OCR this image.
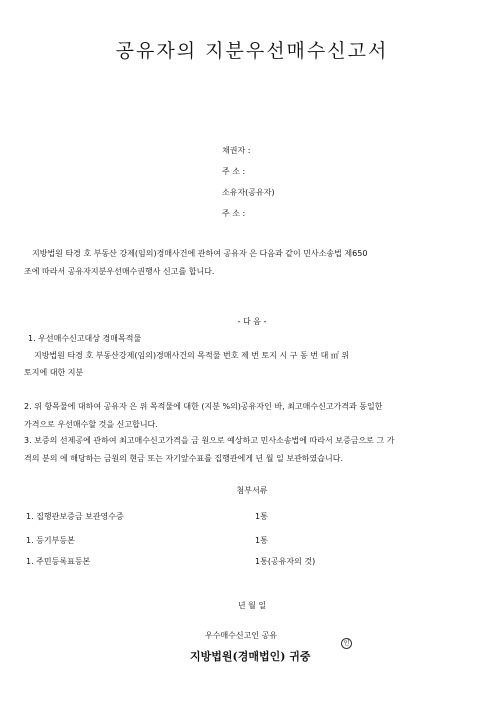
공유자의 지분우선매수신고서
채권자 :
주 소 :
소유자(공유자)
주 소 :
지방법원 타경 호 부동산 강제(임의)경매사건에 관하여 공유자 은 다음과 같이 민사소송법 제650
조에 따라서 공유자지분우선매수권행사 신고를 합니다.
- 다 음 -
1. 우선매수신고대상 경매목적물
지방법원 타경 호 부동산강제(임의)경매사건의 목적물 번호 제 번 토지 시 구 동 번 대 ㎡ 위
토지에 대한 지분
2. 위 항목물에 대하여 공유자 은 위 목적물에 대한 (지분 %의)공유자인 바, 최고매수신고가격과 동일한
가격으로 우선매수할 것을 신고합니다.
3. 보증의 선제공에 관하여 최고매수신고가격을 금 원으로 예상하고 민사소송법에 따라서 보증금으로 그 가
격의 분의 에 해당하는 금원의 현금 또는 자기앞수표를 집행관에게 년 월 일 보관하였습니다.
첨부서류
1. 집행관보증금 보관영수증	1통
1. 등기부등본	1통
1. 주민등록표등본	1통(공유자의 것)
년 월 일
우수매수신고인 공유
인
지방법원(경매법인) 귀중
